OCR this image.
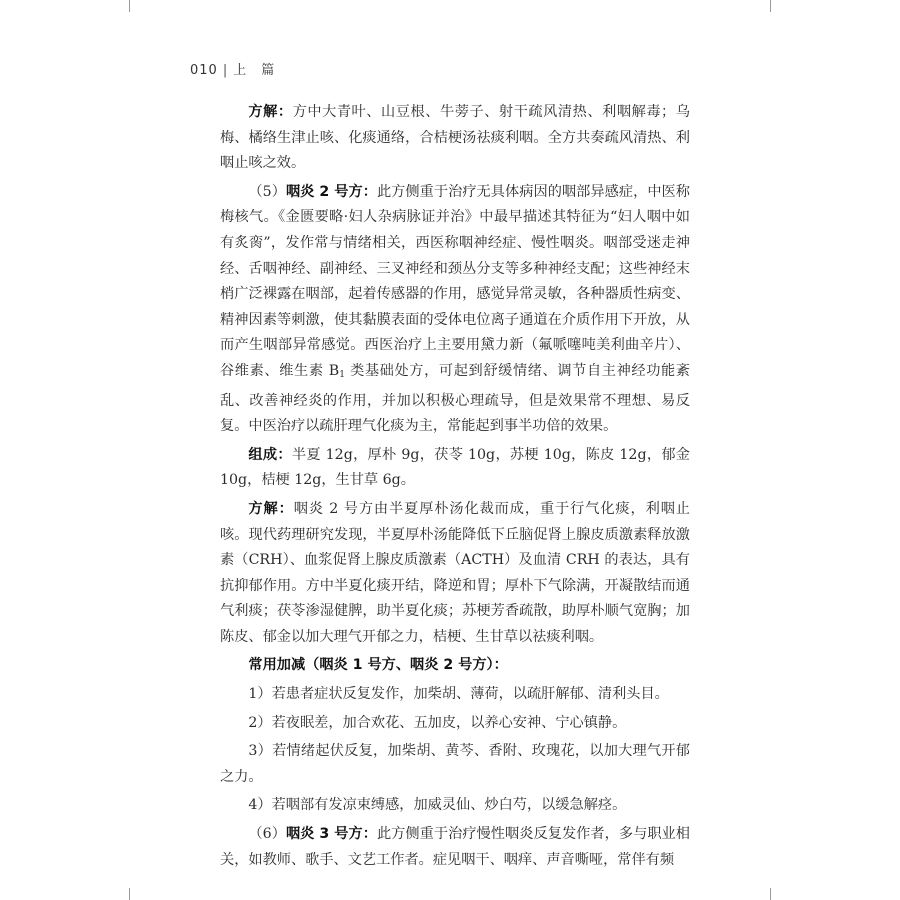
010 | 上　篇

方解：方中大青叶、山豆根、牛蒡子、射干疏风清热、利咽解毒；乌梅、橘络生津止咳、化痰通络，合桔梗汤祛痰利咽。全方共奏疏风清热、利咽止咳之效。

（5）咽炎 2 号方：此方侧重于治疗无具体病因的咽部异感症，中医称梅核气。《金匮要略·妇人杂病脉证并治》中最早描述其特征为“妇人咽中如有炙脔”，发作常与情绪相关，西医称咽神经症、慢性咽炎。咽部受迷走神经、舌咽神经、副神经、三叉神经和颈丛分支等多种神经支配；这些神经末梢广泛裸露在咽部，起着传感器的作用，感觉异常灵敏，各种器质性病变、精神因素等刺激，使其黏膜表面的受体电位离子通道在介质作用下开放，从而产生咽部异常感觉。西医治疗上主要用黛力新（氟哌噻吨美利曲辛片）、谷维素、维生素 $B_1$ 类基础处方，可起到舒缓情绪、调节自主神经功能紊乱、改善神经炎的作用，并加以积极心理疏导，但是效果常不理想、易反复。中医治疗以疏肝理气化痰为主，常能起到事半功倍的效果。

组成：半夏 12g，厚朴 9g，茯苓 10g，苏梗 10g，陈皮 12g，郁金 10g，桔梗 12g，生甘草 6g。

方解：咽炎 2 号方由半夏厚朴汤化裁而成，重于行气化痰，利咽止咳。现代药理研究发现，半夏厚朴汤能降低下丘脑促肾上腺皮质激素释放激素（CRH）、血浆促肾上腺皮质激素（ACTH）及血清 CRH 的表达，具有抗抑郁作用。方中半夏化痰开结，降逆和胃；厚朴下气除满，开凝散结而通气利痰；茯苓渗湿健脾，助半夏化痰；苏梗芳香疏散，助厚朴顺气宽胸；加陈皮、郁金以加大理气开郁之力，桔梗、生甘草以祛痰利咽。

常用加减（咽炎 1 号方、咽炎 2 号方）：

1）若患者症状反复发作，加柴胡、薄荷，以疏肝解郁、清利头目。

2）若夜眠差，加合欢花、五加皮，以养心安神、宁心镇静。

3）若情绪起伏反复，加柴胡、黄芩、香附、玫瑰花，以加大理气开郁之力。

4）若咽部有发凉束缚感，加威灵仙、炒白芍，以缓急解痉。

（6）咽炎 3 号方：此方侧重于治疗慢性咽炎反复发作者，多与职业相关，如教师、歌手、文艺工作者。症见咽干、咽痒、声音嘶哑，常伴有频
